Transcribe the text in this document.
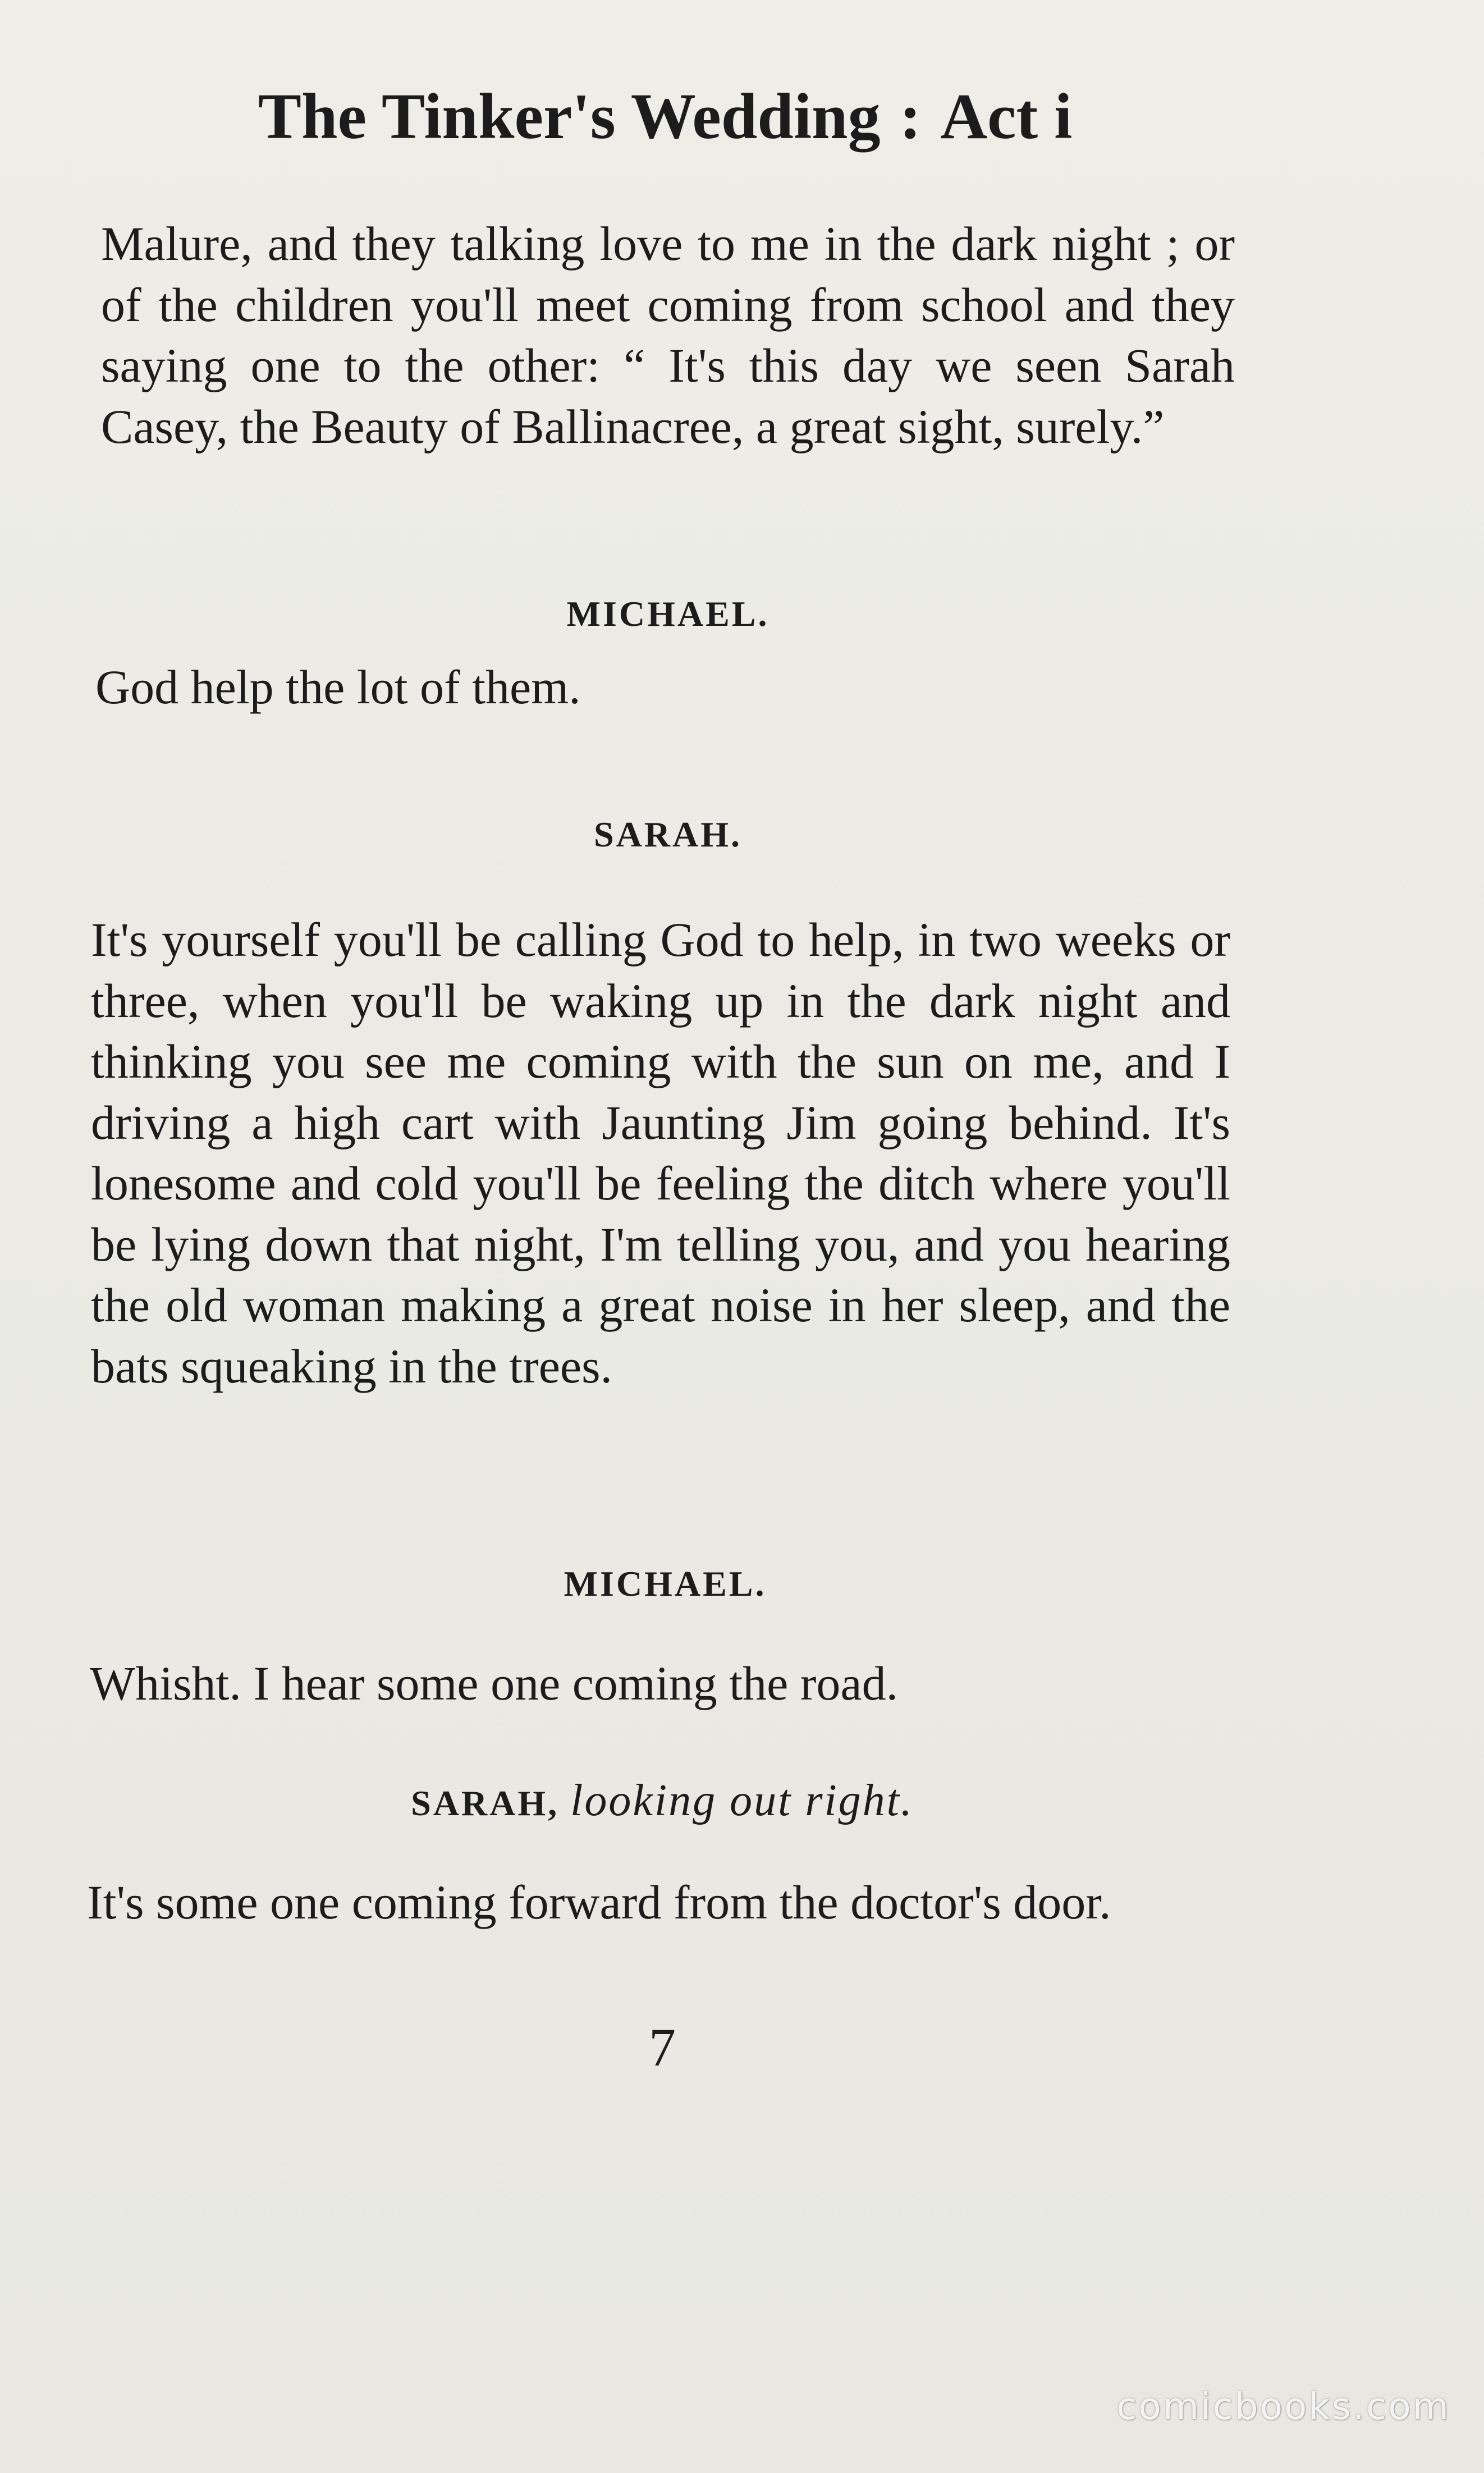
The Tinker's Wedding : Act i

Malure, and they talking love to me in the dark night ; or of the children you'll meet coming from school and they saying one to the other: “ It's this day we seen Sarah Casey, the Beauty of Ballinacree, a great sight, surely.”

MICHAEL.

God help the lot of them.

SARAH.

It's yourself you'll be calling God to help, in two weeks or three, when you'll be waking up in the dark night and thinking you see me coming with the sun on me, and I driving a high cart with Jaunting Jim going behind. It's lonesome and cold you'll be feeling the ditch where you'll be lying down that night, I'm telling you, and you hearing the old woman making a great noise in her sleep, and the bats squeaking in the trees.

MICHAEL.

Whisht. I hear some one coming the road.

SARAH, looking out right.

It's some one coming forward from the doctor's door.

7
comicbooks.com
